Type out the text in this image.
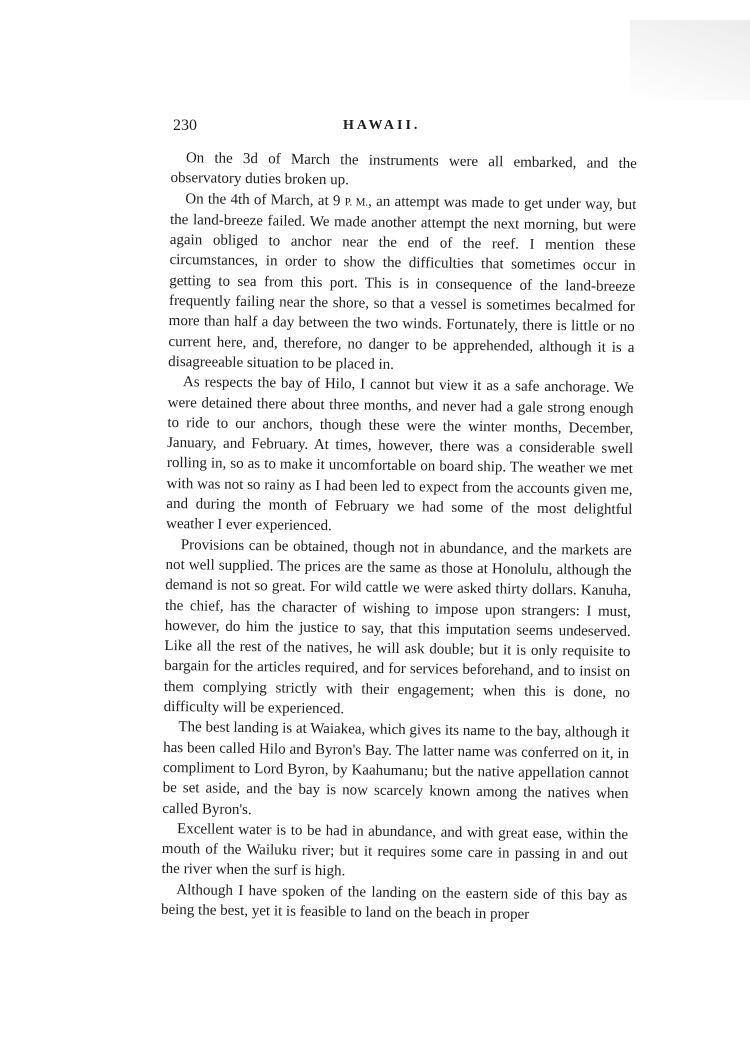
230	HAWAII.

On the 3d of March the instruments were all embarked, and the observatory duties broken up.

On the 4th of March, at 9 P. M., an attempt was made to get under way, but the land-breeze failed. We made another attempt the next morning, but were again obliged to anchor near the end of the reef. I mention these circumstances, in order to show the difficulties that sometimes occur in getting to sea from this port. This is in consequence of the land-breeze frequently failing near the shore, so that a vessel is sometimes becalmed for more than half a day between the two winds. Fortunately, there is little or no current here, and, therefore, no danger to be apprehended, although it is a disagreeable situation to be placed in.

As respects the bay of Hilo, I cannot but view it as a safe anchorage. We were detained there about three months, and never had a gale strong enough to ride to our anchors, though these were the winter months, December, January, and February. At times, however, there was a considerable swell rolling in, so as to make it uncomfortable on board ship. The weather we met with was not so rainy as I had been led to expect from the accounts given me, and during the month of February we had some of the most delightful weather I ever experienced.

Provisions can be obtained, though not in abundance, and the markets are not well supplied. The prices are the same as those at Honolulu, although the demand is not so great. For wild cattle we were asked thirty dollars. Kanuha, the chief, has the character of wishing to impose upon strangers: I must, however, do him the justice to say, that this imputation seems undeserved. Like all the rest of the natives, he will ask double; but it is only requisite to bargain for the articles required, and for services beforehand, and to insist on them complying strictly with their engagement; when this is done, no difficulty will be experienced.

The best landing is at Waiakea, which gives its name to the bay, although it has been called Hilo and Byron's Bay. The latter name was conferred on it, in compliment to Lord Byron, by Kaahumanu; but the native appellation cannot be set aside, and the bay is now scarcely known among the natives when called Byron's.

Excellent water is to be had in abundance, and with great ease, within the mouth of the Wailuku river; but it requires some care in passing in and out the river when the surf is high.

Although I have spoken of the landing on the eastern side of this bay as being the best, yet it is feasible to land on the beach in proper
